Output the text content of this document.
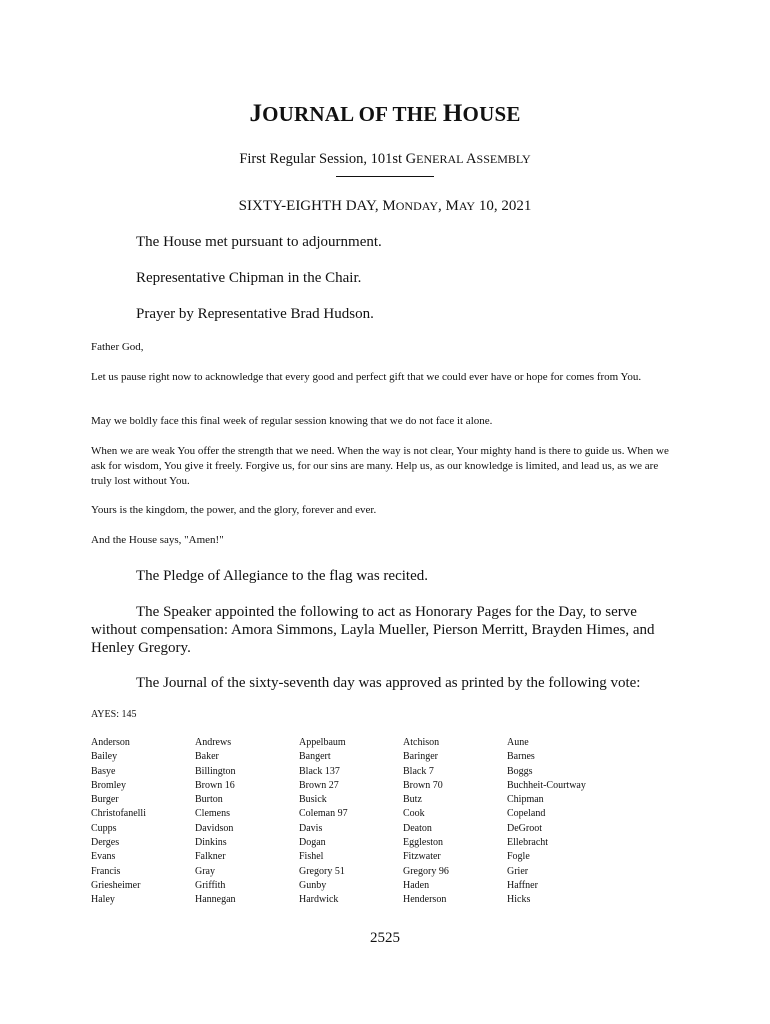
JOURNAL OF THE HOUSE
First Regular Session, 101st GENERAL ASSEMBLY
SIXTY-EIGHTH DAY, MONDAY, MAY 10, 2021
The House met pursuant to adjournment.
Representative Chipman in the Chair.
Prayer by Representative Brad Hudson.
Father God,
Let us pause right now to acknowledge that every good and perfect gift that we could ever have or hope for comes from You.
May we boldly face this final week of regular session knowing that we do not face it alone.
When we are weak You offer the strength that we need. When the way is not clear, Your mighty hand is there to guide us. When we ask for wisdom, You give it freely. Forgive us, for our sins are many. Help us, as our knowledge is limited, and lead us, as we are truly lost without You.
Yours is the kingdom, the power, and the glory, forever and ever.
And the House says, "Amen!"
The Pledge of Allegiance to the flag was recited.
The Speaker appointed the following to act as Honorary Pages for the Day, to serve without compensation: Amora Simmons, Layla Mueller, Pierson Merritt, Brayden Himes, and Henley Gregory.
The Journal of the sixty-seventh day was approved as printed by the following vote:
AYES: 145
Anderson	Andrews	Appelbaum	Atchison	Aune
Bailey	Baker	Bangert	Baringer	Barnes
Basye	Billington	Black 137	Black 7	Boggs
Bromley	Brown 16	Brown 27	Brown 70	Buchheit-Courtway
Burger	Burton	Busick	Butz	Chipman
Christofanelli	Clemens	Coleman 97	Cook	Copeland
Cupps	Davidson	Davis	Deaton	DeGroot
Derges	Dinkins	Dogan	Eggleston	Ellebracht
Evans	Falkner	Fishel	Fitzwater	Fogle
Francis	Gray	Gregory 51	Gregory 96	Grier
Griesheimer	Griffith	Gunby	Haden	Haffner
Haley	Hannegan	Hardwick	Henderson	Hicks
2525
